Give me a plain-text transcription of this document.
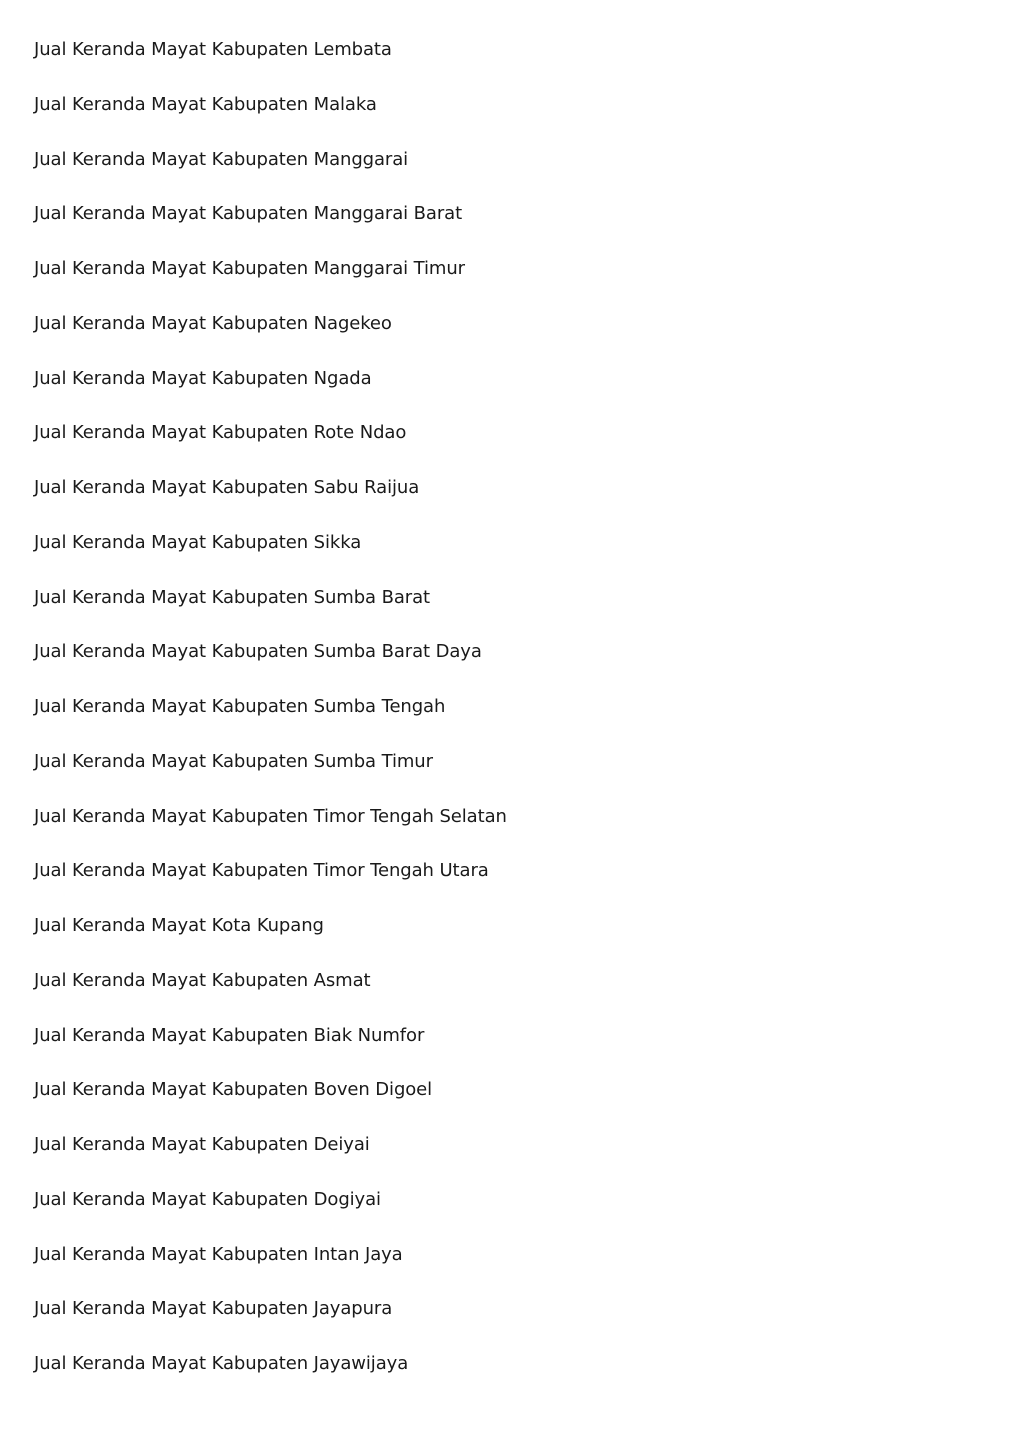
Jual Keranda Mayat Kabupaten Lembata
Jual Keranda Mayat Kabupaten Malaka
Jual Keranda Mayat Kabupaten Manggarai
Jual Keranda Mayat Kabupaten Manggarai Barat
Jual Keranda Mayat Kabupaten Manggarai Timur
Jual Keranda Mayat Kabupaten Nagekeo
Jual Keranda Mayat Kabupaten Ngada
Jual Keranda Mayat Kabupaten Rote Ndao
Jual Keranda Mayat Kabupaten Sabu Raijua
Jual Keranda Mayat Kabupaten Sikka
Jual Keranda Mayat Kabupaten Sumba Barat
Jual Keranda Mayat Kabupaten Sumba Barat Daya
Jual Keranda Mayat Kabupaten Sumba Tengah
Jual Keranda Mayat Kabupaten Sumba Timur
Jual Keranda Mayat Kabupaten Timor Tengah Selatan
Jual Keranda Mayat Kabupaten Timor Tengah Utara
Jual Keranda Mayat Kota Kupang
Jual Keranda Mayat Kabupaten Asmat
Jual Keranda Mayat Kabupaten Biak Numfor
Jual Keranda Mayat Kabupaten Boven Digoel
Jual Keranda Mayat Kabupaten Deiyai
Jual Keranda Mayat Kabupaten Dogiyai
Jual Keranda Mayat Kabupaten Intan Jaya
Jual Keranda Mayat Kabupaten Jayapura
Jual Keranda Mayat Kabupaten Jayawijaya
